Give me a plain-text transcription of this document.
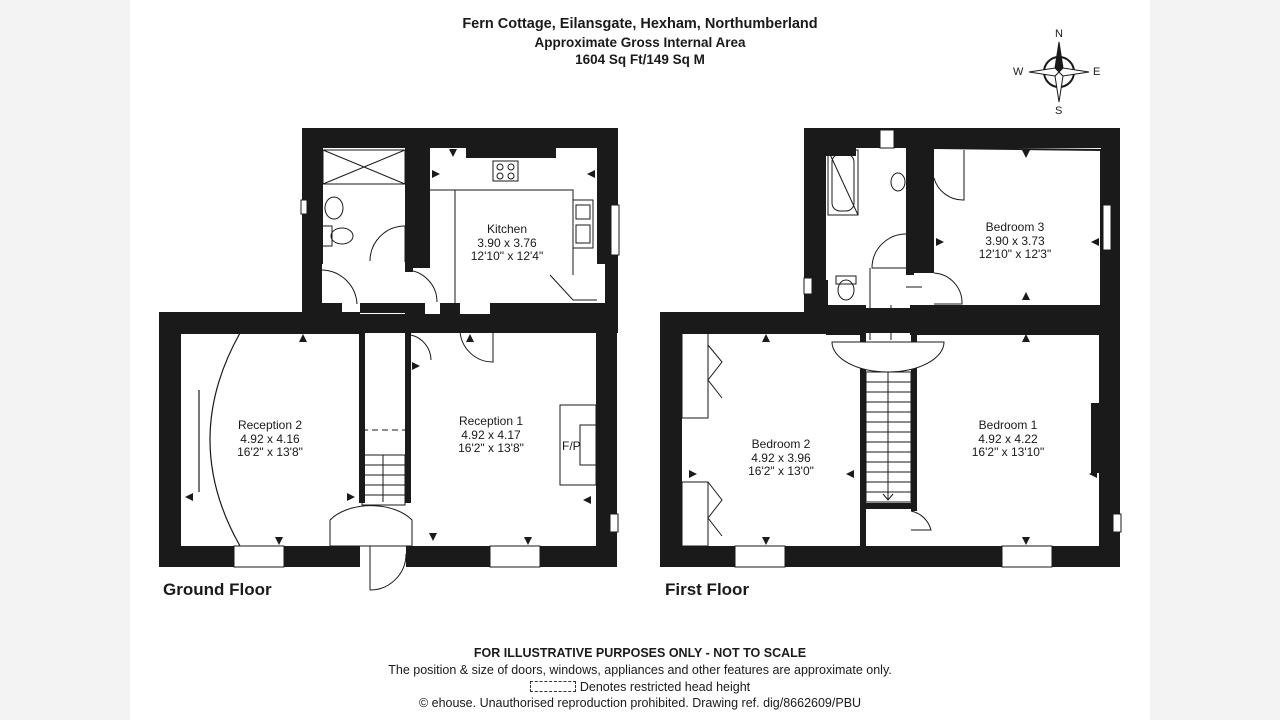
Fern Cottage, Eilansgate, Hexham, Northumberland
Approximate Gross Internal Area
1604 Sq Ft/149 Sq M
N
S
E
W
Kitchen
3.90 x 3.76
12'10" x 12'4"
Reception 2
4.92 x 4.16
16'2" x 13'8"
Reception 1
4.92 x 4.17
16'2" x 13'8"	F/P
Bedroom 3
3.90 x 3.73
12'10" x 12'3"
Bedroom 2
4.92 x 3.96
16'2" x 13'0"
Bedroom 1
4.92 x 4.22
16'2" x 13'10"
Ground Floor	First Floor
FOR ILLUSTRATIVE PURPOSES ONLY - NOT TO SCALE
The position & size of doors, windows, appliances and other features are approximate only.
Denotes restricted head height
© ehouse. Unauthorised reproduction prohibited. Drawing ref. dig/8662609/PBU
